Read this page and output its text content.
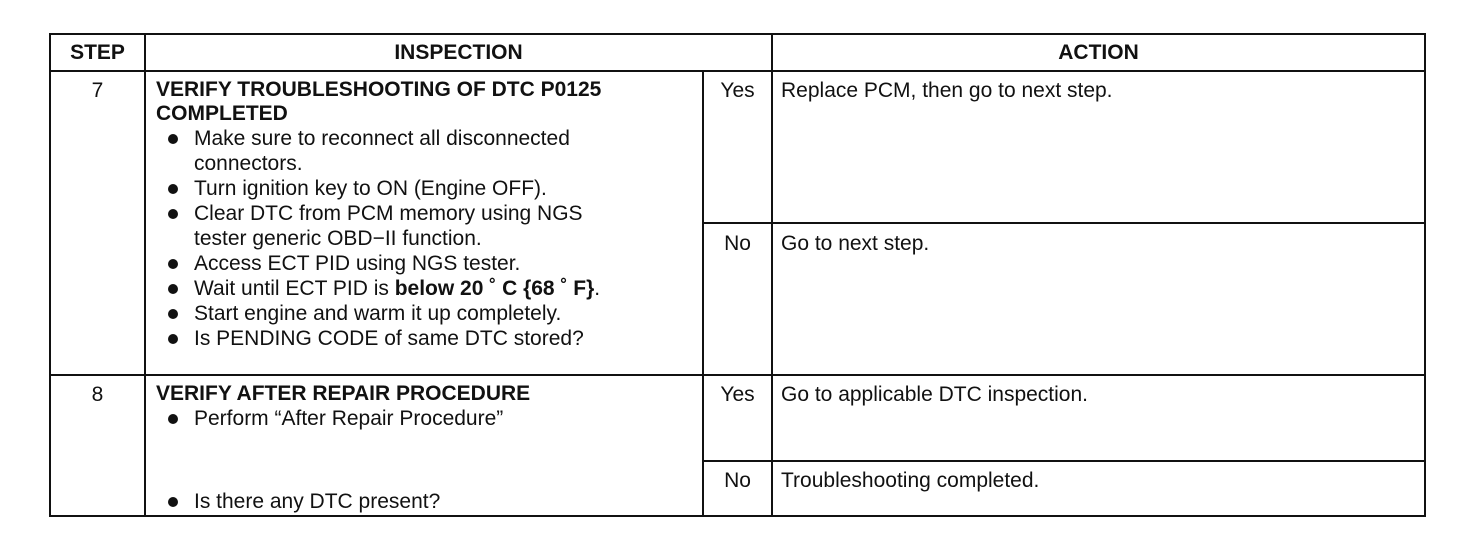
STEP	INSPECTION	ACTION
7	VERIFY TROUBLESHOOTING OF DTC P0125
COMPLETED
Make sure to reconnect all disconnected
connectors.
Turn ignition key to ON (Engine OFF).
Clear DTC from PCM memory using NGS
tester generic OBD−II function.
Access ECT PID using NGS tester.
Wait until ECT PID is below 20 ˚ C {68 ˚ F}.
Start engine and warm it up completely.
Is PENDING CODE of same DTC stored?
Yes	Replace PCM, then go to next step.
No	Go to next step.
8	VERIFY AFTER REPAIR PROCEDURE
Perform “After Repair Procedure”
Is there any DTC present?
Yes	Go to applicable DTC inspection.
No	Troubleshooting completed.
